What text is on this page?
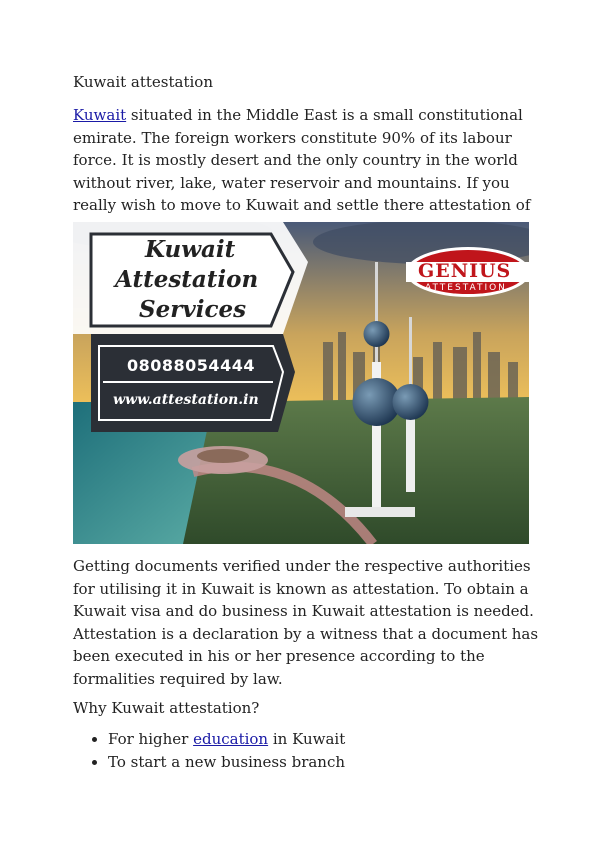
Kuwait attestation
Kuwait situated in the Middle East is a small constitutional emirate. The foreign workers constitute 90% of its labour force. It is mostly desert and the only country in the world without river, lake, water reservoir and mountains. If you really wish to move to Kuwait and settle there attestation of
Kuwait
Attestation
Services
08088054444
www.attestation.in
GENIUS
ATTESTATION
Getting documents verified under the respective authorities for utilising it in Kuwait is known as attestation. To obtain a Kuwait visa and do business in Kuwait attestation is needed. Attestation is a declaration by a witness that a document has been executed in his or her presence according to the formalities required by law.
Why Kuwait attestation?
• For higher education in Kuwait
• To start a new business branch
